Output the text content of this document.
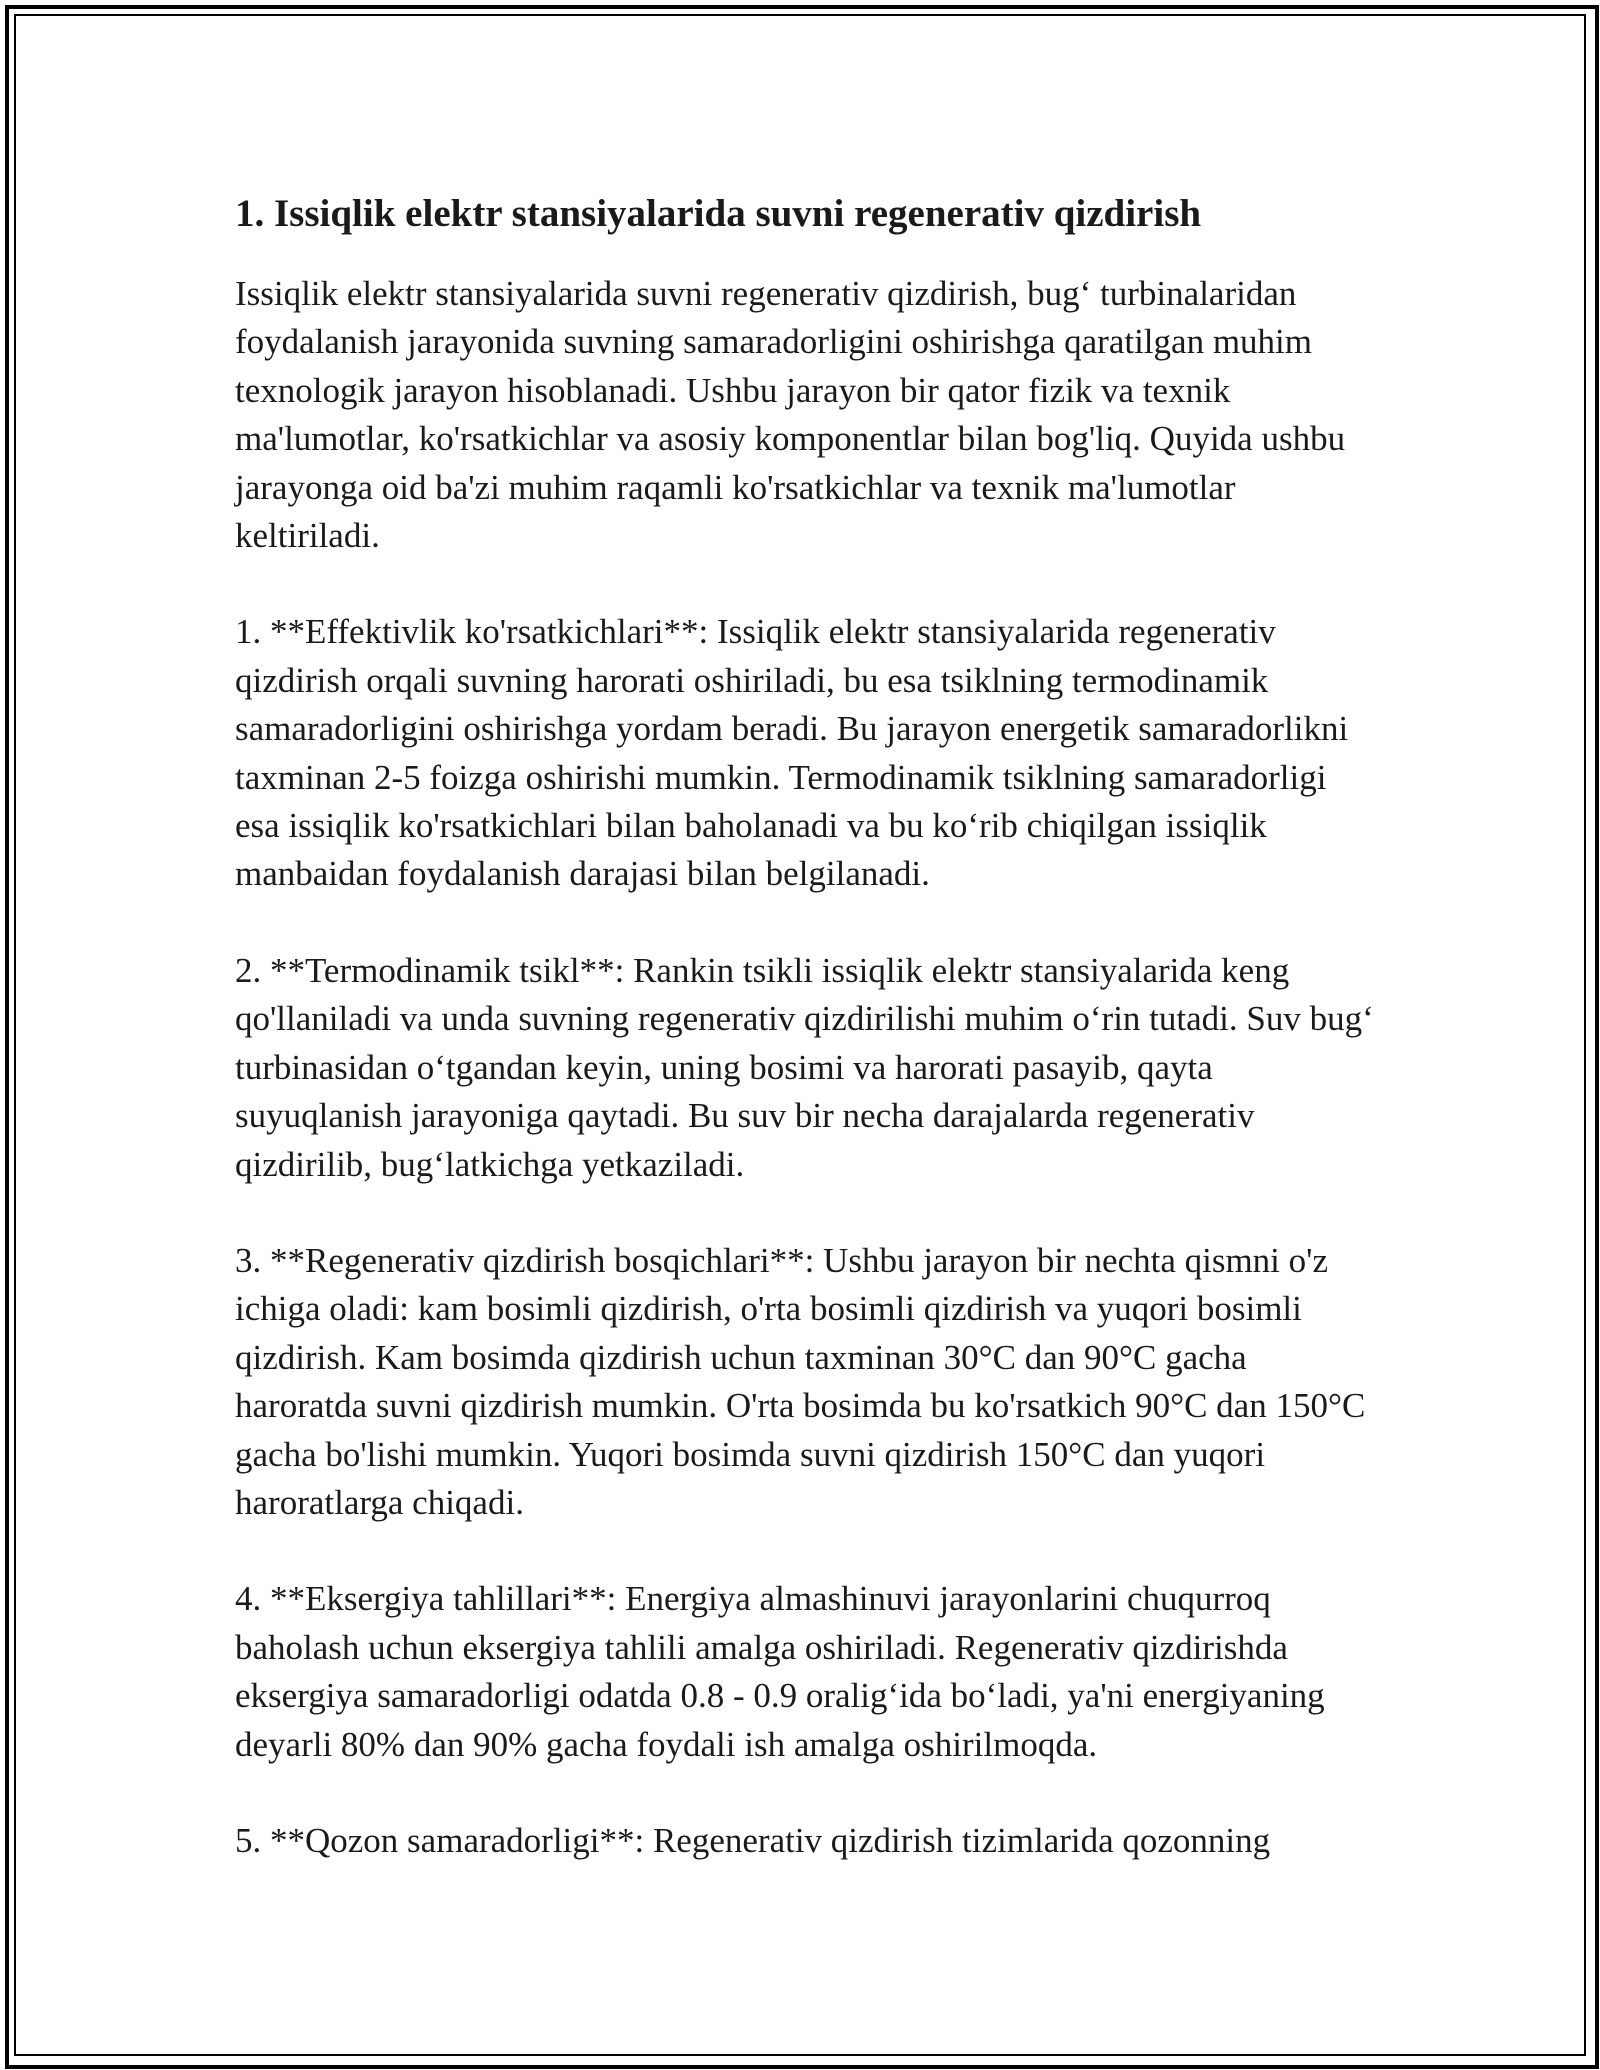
1. Issiqlik elektr stansiyalarida suvni regenerativ qizdirish

Issiqlik elektr stansiyalarida suvni regenerativ qizdirish, bug‘ turbinalaridan foydalanish jarayonida suvning samaradorligini oshirishga qaratilgan muhim texnologik jarayon hisoblanadi. Ushbu jarayon bir qator fizik va texnik ma'lumotlar, ko'rsatkichlar va asosiy komponentlar bilan bog'liq. Quyida ushbu jarayonga oid ba'zi muhim raqamli ko'rsatkichlar va texnik ma'lumotlar keltiriladi.

1. **Effektivlik ko'rsatkichlari**: Issiqlik elektr stansiyalarida regenerativ qizdirish orqali suvning harorati oshiriladi, bu esa tsiklning termodinamik samaradorligini oshirishga yordam beradi. Bu jarayon energetik samaradorlikni taxminan 2-5 foizga oshirishi mumkin. Termodinamik tsiklning samaradorligi esa issiqlik ko'rsatkichlari bilan baholanadi va bu ko‘rib chiqilgan issiqlik manbaidan foydalanish darajasi bilan belgilanadi.

2. **Termodinamik tsikl**: Rankin tsikli issiqlik elektr stansiyalarida keng qo'llaniladi va unda suvning regenerativ qizdirilishi muhim o‘rin tutadi. Suv bug‘ turbinasidan o‘tgandan keyin, uning bosimi va harorati pasayib, qayta suyuqlanish jarayoniga qaytadi. Bu suv bir necha darajalarda regenerativ qizdirilib, bug‘latkichga yetkaziladi.

3. **Regenerativ qizdirish bosqichlari**: Ushbu jarayon bir nechta qismni o'z ichiga oladi: kam bosimli qizdirish, o'rta bosimli qizdirish va yuqori bosimli qizdirish. Kam bosimda qizdirish uchun taxminan 30°C dan 90°C gacha haroratda suvni qizdirish mumkin. O'rta bosimda bu ko'rsatkich 90°C dan 150°C gacha bo'lishi mumkin. Yuqori bosimda suvni qizdirish 150°C dan yuqori haroratlarga chiqadi.

4. **Eksergiya tahlillari**: Energiya almashinuvi jarayonlarini chuqurroq baholash uchun eksergiya tahlili amalga oshiriladi. Regenerativ qizdirishda eksergiya samaradorligi odatda 0.8 - 0.9 oralig‘ida bo‘ladi, ya'ni energiyaning deyarli 80% dan 90% gacha foydali ish amalga oshirilmoqda.

5. **Qozon samaradorligi**: Regenerativ qizdirish tizimlarida qozonning
